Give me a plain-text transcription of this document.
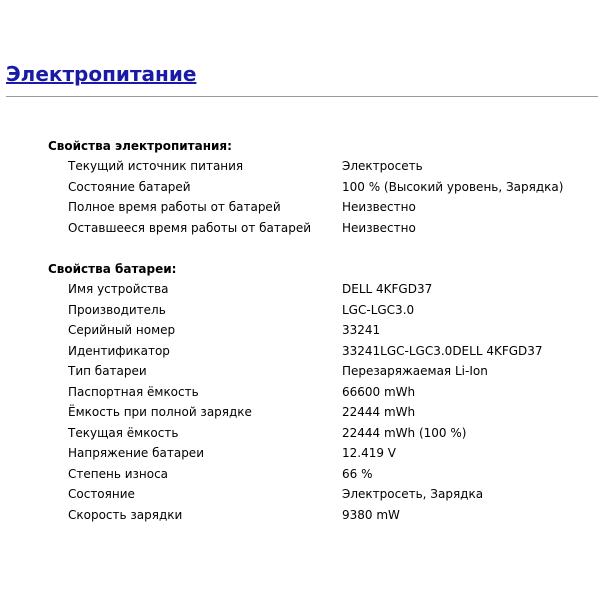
Электропитание
Свойства электропитания:
Текущий источник питания	Электросеть
Состояние батарей	100 % (Высокий уровень, Зарядка)
Полное время работы от батарей	Неизвестно
Оставшееся время работы от батарей	Неизвестно
Свойства батареи:
Имя устройства	DELL 4KFGD37
Производитель	LGC-LGC3.0
Серийный номер	33241
Идентификатор	33241LGC-LGC3.0DELL 4KFGD37
Тип батареи	Перезаряжаемая Li-Ion
Паспортная ёмкость	66600 mWh
Ёмкость при полной зарядке	22444 mWh
Текущая ёмкость	22444 mWh (100 %)
Напряжение батареи	12.419 V
Степень износа	66 %
Состояние	Электросеть, Зарядка
Скорость зарядки	9380 mW
